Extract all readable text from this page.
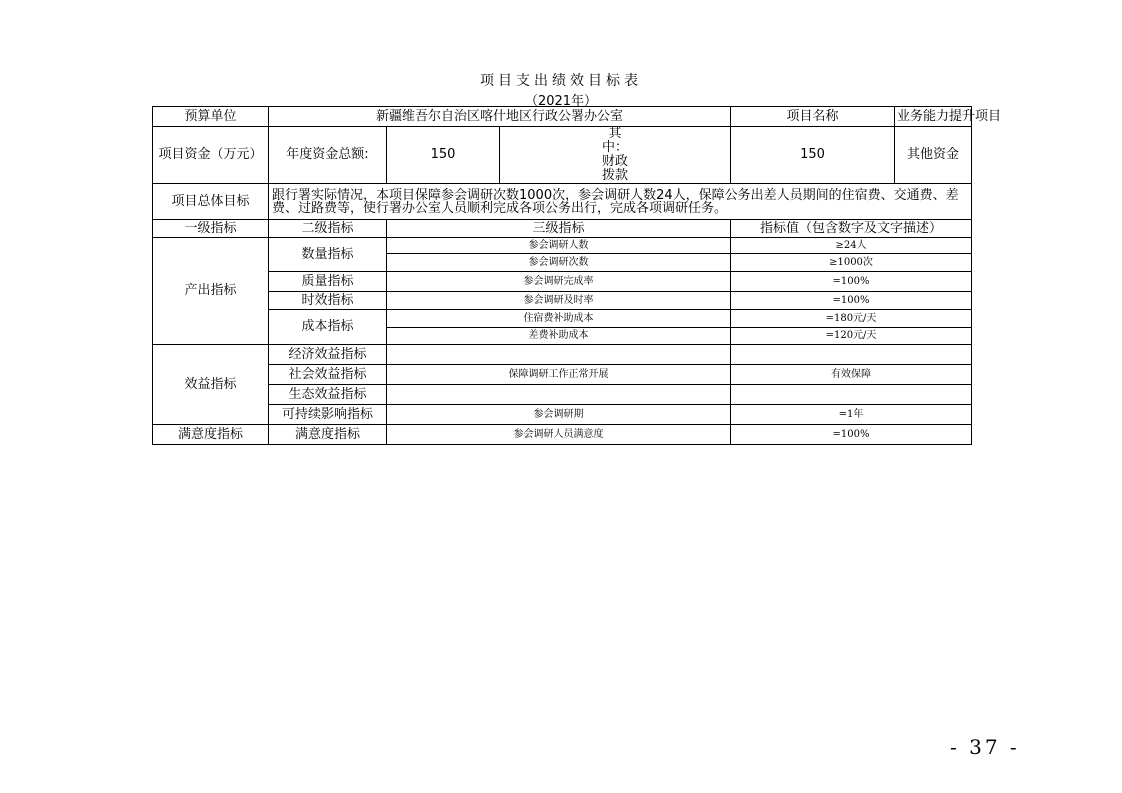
项目支出绩效目标表
（2021年）
预算单位	新疆维吾尔自治区喀什地区行政公署办公室			项目名称	业务能力提升项目
项目资金（万元）	年度资金总额:	150	其中：财政拨款	150	其他资金
项目总体目标	跟行署实际情况，本项目保障参会调研次数1000次，参会调研人数24人，保障公务出差人员期间的住宿费、交通费、差费、过路费等，使行署办公室人员顺利完成各项公务出行，完成各项调研任务。				
一级指标	二级指标	三级指标		指标值（包含数字及文字描述）	
产出指标	数量指标	参会调研人数		≥24人	
		参会调研次数		≥1000次	
	质量指标	参会调研完成率		=100%	
	时效指标	参会调研及时率		=100%	
	成本指标	住宿费补助成本		=180元/天	
		差费补助成本		=120元/天	
效益指标	经济效益指标				
	社会效益指标	保障调研工作正常开展		有效保障	
	生态效益指标				
	可持续影响指标	参会调研期		=1年	
满意度指标	满意度指标	参会调研人员满意度		=100%	
- 37 -
